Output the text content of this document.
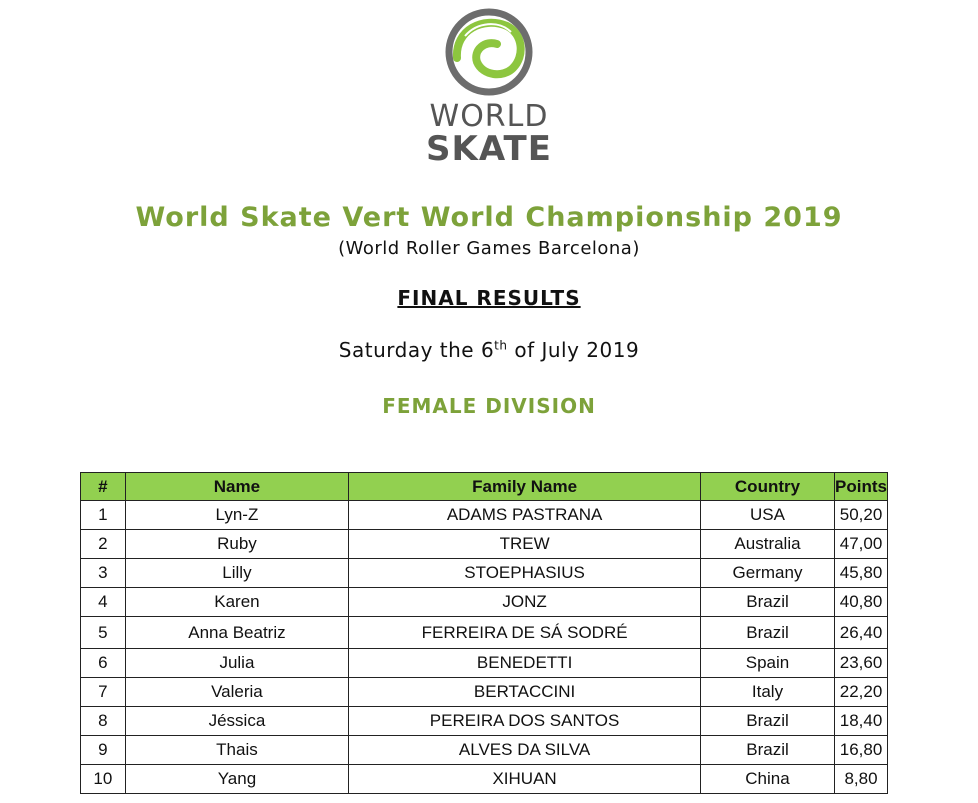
WORLD
SKATE
World Skate Vert World Championship 2019
(World Roller Games Barcelona)
FINAL RESULTS
Saturday the 6th of July 2019
FEMALE DIVISION
#	Name	Family Name	Country	Points
1	Lyn-Z	ADAMS PASTRANA	USA	50,20
2	Ruby	TREW	Australia	47,00
3	Lilly	STOEPHASIUS	Germany	45,80
4	Karen	JONZ	Brazil	40,80
5	Anna Beatriz	FERREIRA DE SÁ SODRÉ	Brazil	26,40
6	Julia	BENEDETTI	Spain	23,60
7	Valeria	BERTACCINI	Italy	22,20
8	Jéssica	PEREIRA DOS SANTOS	Brazil	18,40
9	Thais	ALVES DA SILVA	Brazil	16,80
10	Yang	XIHUAN	China	8,80
